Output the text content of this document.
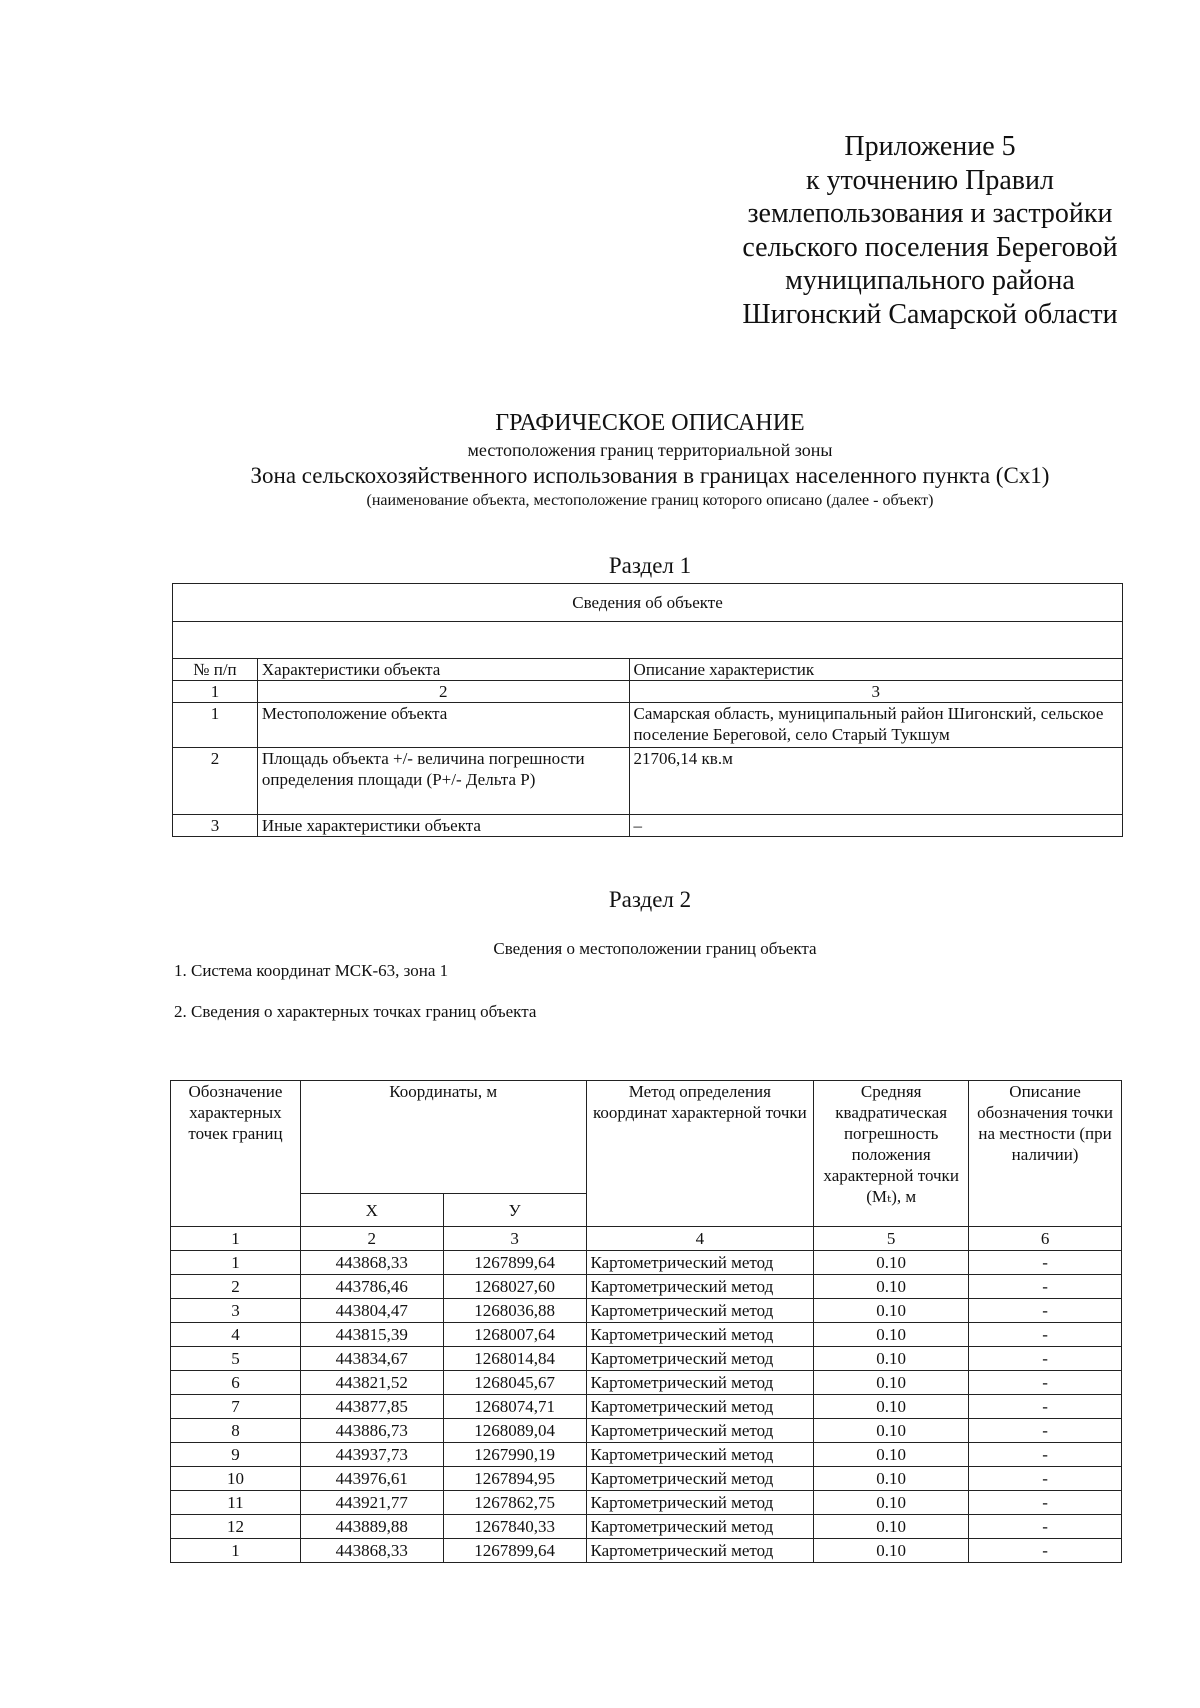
Приложение 5
к уточнению Правил
землепользования и застройки
сельского поселения Береговой
муниципального района
Шигонский Самарской области
ГРАФИЧЕСКОЕ ОПИСАНИЕ
местоположения границ территориальной зоны
Зона сельскохозяйственного использования в границах населенного пункта (Сх1)
(наименование объекта, местоположение границ которого описано (далее - объект)
Раздел 1
Сведения об объекте		

№ п/п	Характеристики объекта	Описание характеристик
1	2	3
1	Местоположение объекта	Самарская область, муниципальный район Шигонский, сельское поселение Береговой, село Старый Тукшум
2	Площадь объекта +/- величина погрешности определения площади (Р+/- Дельта Р)	21706,14 кв.м
3	Иные характеристики объекта	–
Раздел 2
Сведения о местоположении границ объекта
1. Система координат МСК-63, зона 1
2. Сведения о характерных точках границ объекта
Обозначение характерных точек границ	Координаты, м		Метод определения координат характерной точки	Средняя квадратическая погрешность положения характерной точки (Mₜ), м	Описание обозначения точки на местности (при наличии)
	X	У			
1	2	3	4	5	6
1	443868,33	1267899,64	Картометрический метод	0.10	-
2	443786,46	1268027,60	Картометрический метод	0.10	-
3	443804,47	1268036,88	Картометрический метод	0.10	-
4	443815,39	1268007,64	Картометрический метод	0.10	-
5	443834,67	1268014,84	Картометрический метод	0.10	-
6	443821,52	1268045,67	Картометрический метод	0.10	-
7	443877,85	1268074,71	Картометрический метод	0.10	-
8	443886,73	1268089,04	Картометрический метод	0.10	-
9	443937,73	1267990,19	Картометрический метод	0.10	-
10	443976,61	1267894,95	Картометрический метод	0.10	-
11	443921,77	1267862,75	Картометрический метод	0.10	-
12	443889,88	1267840,33	Картометрический метод	0.10	-
1	443868,33	1267899,64	Картометрический метод	0.10	-
